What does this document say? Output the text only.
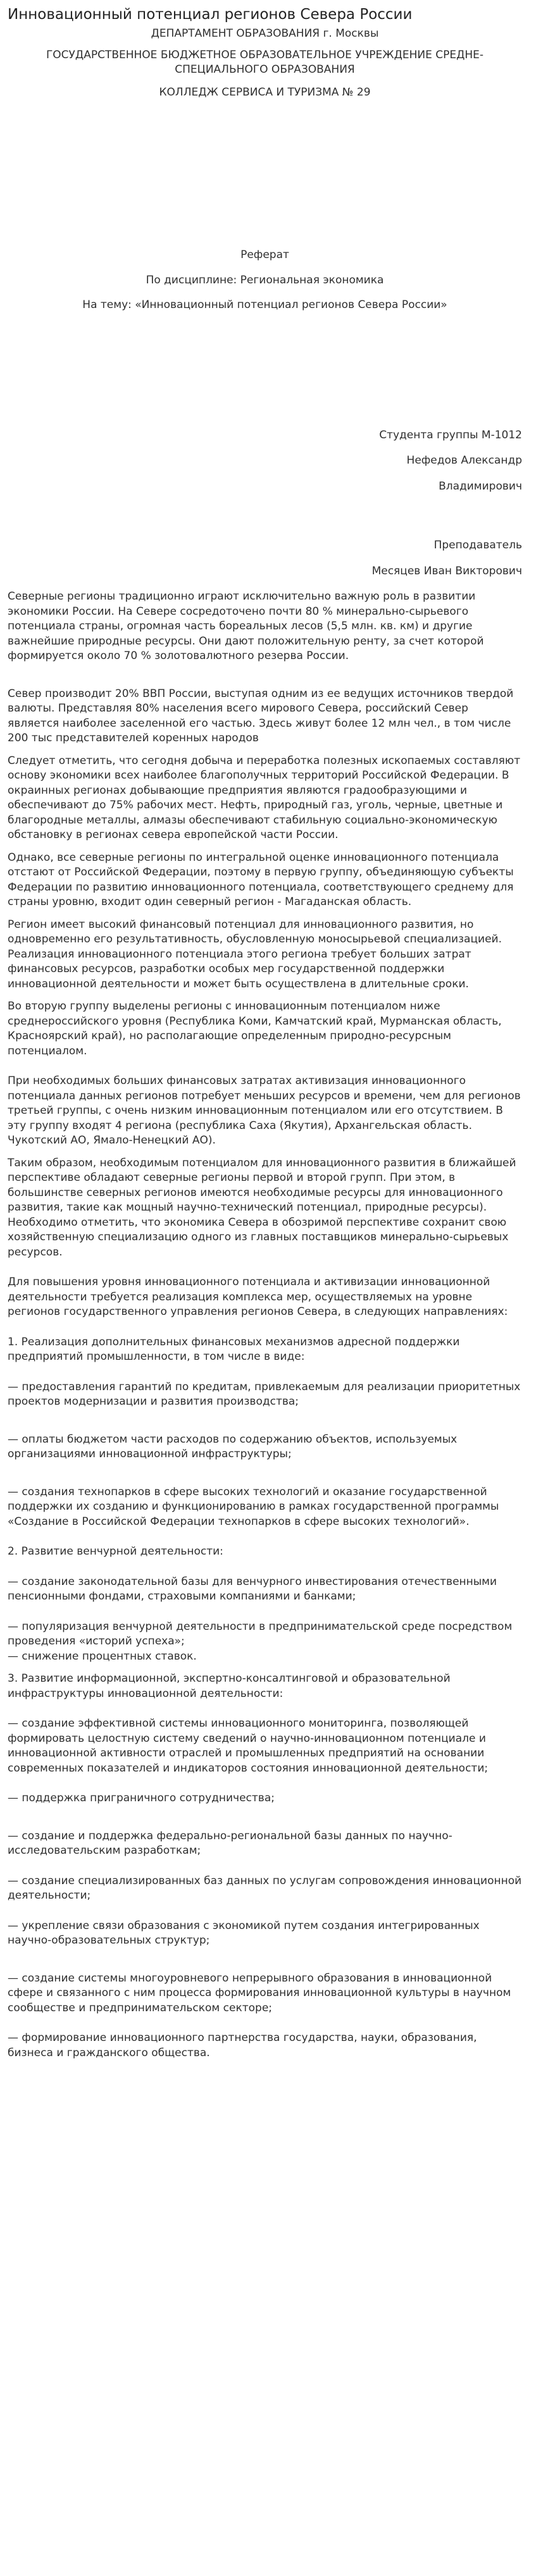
Инновационный потенциал регионов Севера России

ДЕПАРТАМЕНТ ОБРАЗОВАНИЯ г. Москвы

ГОСУДАРСТВЕННОЕ БЮДЖЕТНОЕ ОБРАЗОВАТЕЛЬНОЕ УЧРЕЖДЕНИЕ СРЕДНЕ-

СПЕЦИАЛЬНОГО ОБРАЗОВАНИЯ

КОЛЛЕДЖ СЕРВИСА И ТУРИЗМА № 29

Реферат

По дисциплине: Региональная экономика

На тему: «Инновационный потенциал регионов Севера России»

Студента группы М-1012

Нефедов Александр

Владимирович

Преподаватель

Месяцев Иван Викторович

Северные регионы традиционно играют исключительно важную роль в развитии экономики России. На Севере сосредоточено почти 80 % минерально-сырьевого потенциала страны, огромная часть бореальных лесов (5,5 млн. кв. км) и другие важнейшие природные ресурсы. Они дают положительную ренту, за счет которой формируется около 70 % золотовалютного резерва России.

Север производит 20% ВВП России, выступая одним из ее ведущих источников твердой валюты. Представляя 80% населения всего мирового Севера, российский Север является наиболее заселенной его частью. Здесь живут более 12 млн чел., в том числе 200 тыс представителей коренных народов

Следует отметить, что сегодня добыча и переработка полезных ископаемых составляют основу экономики всех наиболее благополучных территорий Российской Федерации. В окраинных регионах добывающие предприятия являются градообразующими и обеспечивают до 75% рабочих мест. Нефть, природный газ, уголь, черные, цветные и благородные металлы, алмазы обеспечивают стабильную социально-экономическую обстановку в регионах севера европейской части России.

Однако, все северные регионы по интегральной оценке инновационного потенциала отстают от Российской Федерации, поэтому в первую группу, объединяющую субъекты Федерации по развитию инновационного потенциала, соответствующего среднему для страны уровню, входит один северный регион - Магаданская область.

Регион имеет высокий финансовый потенциал для инновационного развития, но одновременно его результативность, обусловленную моносырьевой специализацией. Реализация инновационного потенциала этого региона требует больших затрат финансовых ресурсов, разработки особых мер государственной поддержки инновационной деятельности и может быть осуществлена в длительные сроки.

Во вторую группу выделены регионы с инновационным потенциалом ниже среднероссийского уровня (Республика Коми, Камчатский край, Мурманская область, Красноярский край), но располагающие определенным природно-ресурсным потенциалом.

При необходимых больших финансовых затратах активизация инновационного потенциала данных регионов потребует меньших ресурсов и времени, чем для регионов третьей группы, с очень низким инновационным потенциалом или его отсутствием. В эту группу входят 4 региона (республика Саха (Якутия), Архангельская область. Чукотский АО, Ямало-Ненецкий АО).

Таким образом, необходимым потенциалом для инновационного развития в ближайшей перспективе обладают северные регионы первой и второй групп. При этом, в большинстве северных регионов имеются необходимые ресурсы для инновационного развития, такие как мощный научно-технический потенциал, природные ресурсы). Необходимо отметить, что экономика Севера в обозримой перспективе сохранит свою хозяйственную специализацию одного из главных поставщиков минерально-сырьевых ресурсов.

Для повышения уровня инновационного потенциала и активизации инновационной деятельности требуется реализация комплекса мер, осуществляемых на уровне регионов государственного управления регионов Севера, в следующих направлениях:

1. Реализация дополнительных финансовых механизмов адресной поддержки предприятий промышленности, в том числе в виде:

— предоставления гарантий по кредитам, привлекаемым для реализации приоритетных проектов модернизации и развития производства;

— оплаты бюджетом части расходов по содержанию объектов, используемых организациями инновационной инфраструктуры;

— создания технопарков в сфере высоких технологий и оказание государственной поддержки их созданию и функционированию в рамках государственной программы «Создание в Российской Федерации технопарков в сфере высоких технологий».

2. Развитие венчурной деятельности:

— создание законодательной базы для венчурного инвестирования отечественными пенсионными фондами, страховыми компаниями и банками;

— популяризация венчурной деятельности в предпринимательской среде посредством проведения «историй успеха»;

— снижение процентных ставок.

3. Развитие информационной, экспертно-консалтинговой и образовательной инфраструктуры инновационной деятельности:

— создание эффективной системы инновационного мониторинга, позволяющей формировать целостную систему сведений о научно-инновационном потенциале и инновационной активности отраслей и промышленных предприятий на основании современных показателей и индикаторов состояния инновационной деятельности;

— поддержка приграничного сотрудничества;

— создание и поддержка федерально-региональной базы данных по научно-исследовательским разработкам;

— создание специализированных баз данных по услугам сопровождения инновационной деятельности;

— укрепление связи образования с экономикой путем создания интегрированных научно-образовательных структур;

— создание системы многоуровневого непрерывного образования в инновационной сфере и связанного с ним процесса формирования инновационной культуры в научном сообществе и предпринимательском секторе;

— формирование инновационного партнерства государства, науки, образования, бизнеса и гражданского общества.
